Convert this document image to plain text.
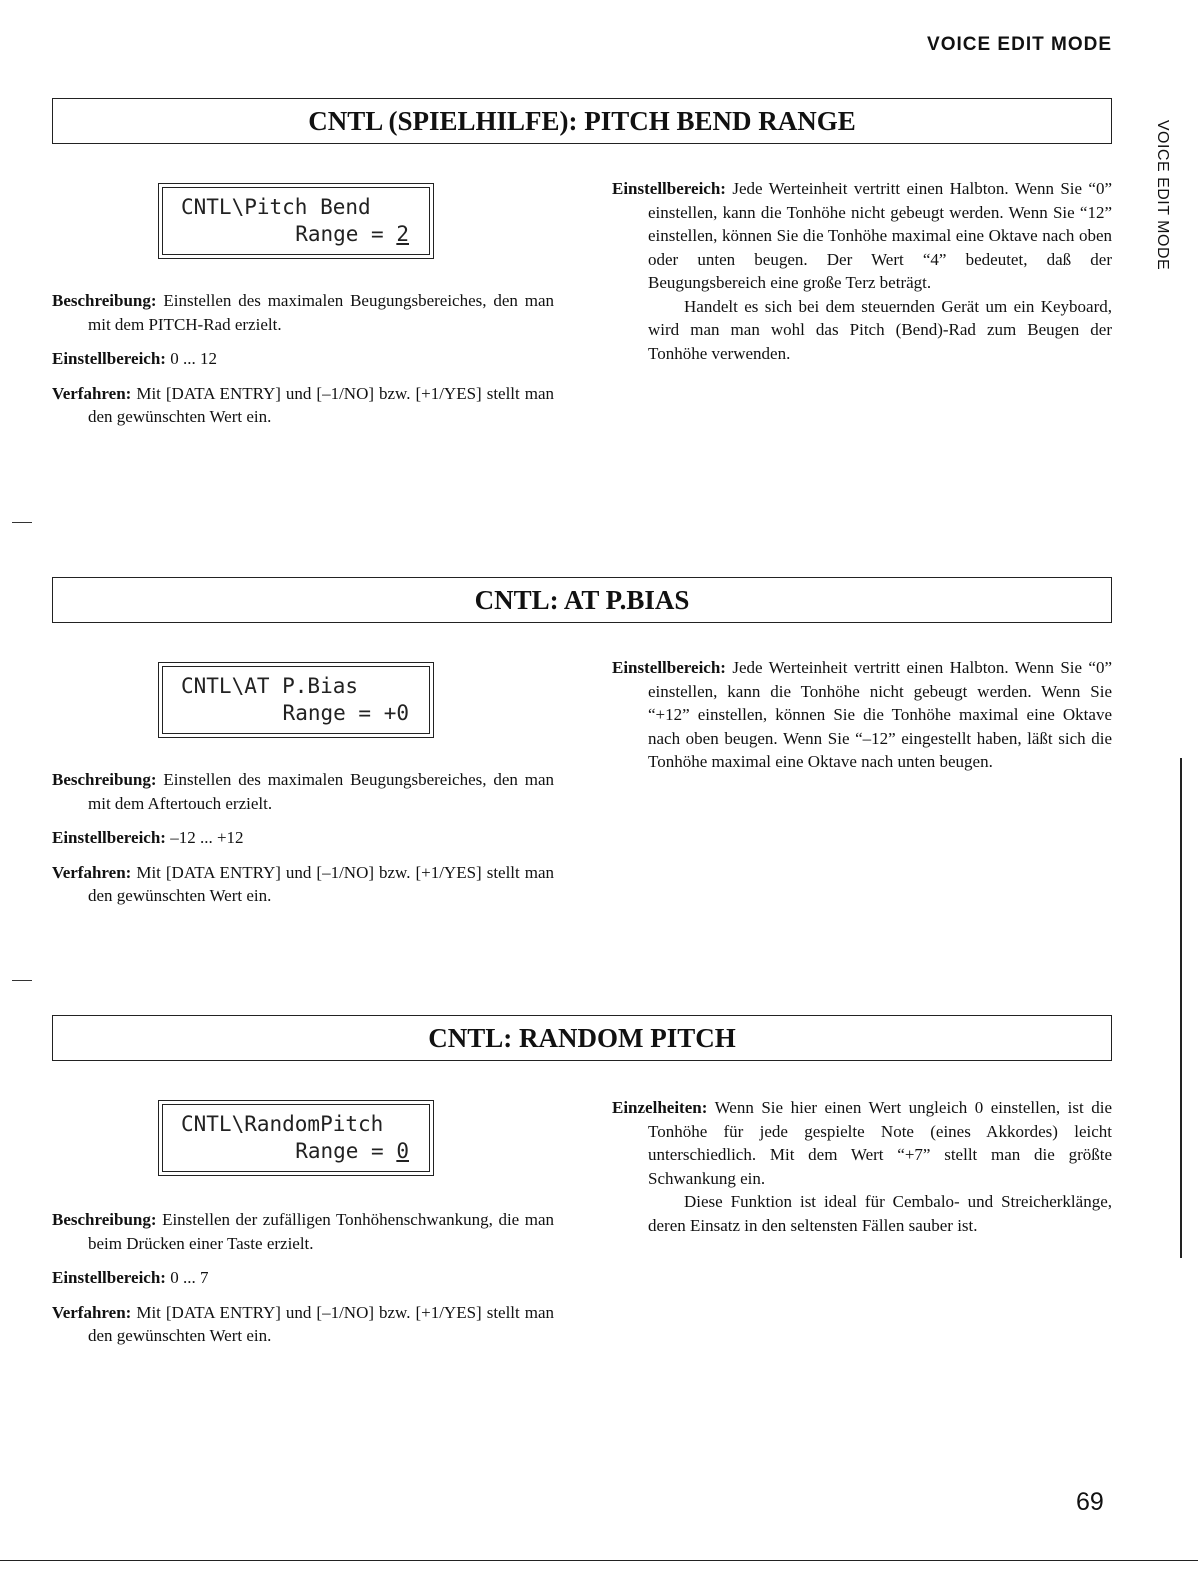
VOICE EDIT MODE
VOICE EDIT MODE
CNTL (SPIELHILFE): PITCH BEND RANGE
CNTL\Pitch Bend
Range = 2

Beschreibung: Einstellen des maximalen Beugungsbereiches, den man mit dem PITCH-Rad erzielt.

Einstellbereich: 0 ... 12

Verfahren: Mit [DATA ENTRY] und [–1/NO] bzw. [+1/YES] stellt man den gewünschten Wert ein.

Einstellbereich: Jede Werteinheit vertritt einen Halbton. Wenn Sie “0” einstellen, kann die Tonhöhe nicht gebeugt werden. Wenn Sie “12” einstellen, können Sie die Tonhöhe maximal eine Oktave nach oben oder unten beugen. Der Wert “4” bedeutet, daß der Beugungsbereich eine große Terz beträgt.

Handelt es sich bei dem steuernden Gerät um ein Keyboard, wird man man wohl das Pitch (Bend)-Rad zum Beugen der Tonhöhe verwenden.

CNTL: AT P.BIAS
CNTL\AT P.Bias
Range = +0

Beschreibung: Einstellen des maximalen Beugungsbereiches, den man mit dem Aftertouch erzielt.

Einstellbereich: –12 ... +12

Verfahren: Mit [DATA ENTRY] und [–1/NO] bzw. [+1/YES] stellt man den gewünschten Wert ein.

Einstellbereich: Jede Werteinheit vertritt einen Halbton. Wenn Sie “0” einstellen, kann die Tonhöhe nicht gebeugt werden. Wenn Sie “+12” einstellen, können Sie die Tonhöhe maximal eine Oktave nach oben beugen. Wenn Sie “–12” eingestellt haben, läßt sich die Tonhöhe maximal eine Oktave nach unten beugen.

CNTL: RANDOM PITCH
CNTL\RandomPitch
Range = 0

Beschreibung: Einstellen der zufälligen Tonhöhenschwankung, die man beim Drücken einer Taste erzielt.

Einstellbereich: 0 ... 7

Verfahren: Mit [DATA ENTRY] und [–1/NO] bzw. [+1/YES] stellt man den gewünschten Wert ein.

Einzelheiten: Wenn Sie hier einen Wert ungleich 0 einstellen, ist die Tonhöhe für jede gespielte Note (eines Akkordes) leicht unterschiedlich. Mit dem Wert “+7” stellt man die größte Schwankung ein.

Diese Funktion ist ideal für Cembalo- und Streicherklänge, deren Einsatz in den seltensten Fällen sauber ist.

69
